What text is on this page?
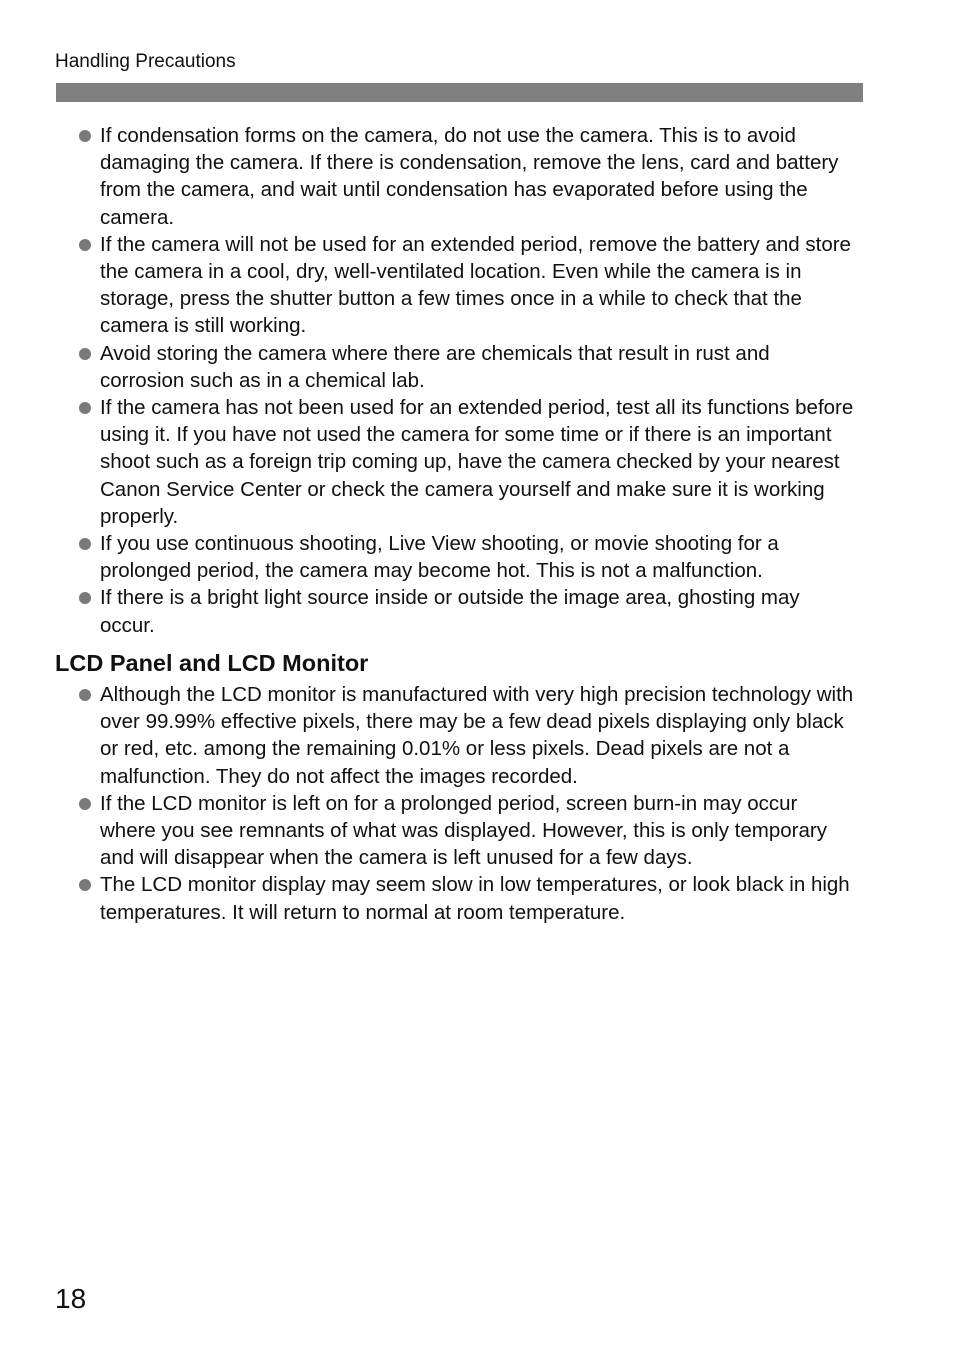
Handling Precautions
If condensation forms on the camera, do not use the camera. This is to avoid damaging the camera. If there is condensation, remove the lens, card and battery from the camera, and wait until condensation has evaporated before using the camera.
If the camera will not be used for an extended period, remove the battery and store the camera in a cool, dry, well-ventilated location. Even while the camera is in storage, press the shutter button a few times once in a while to check that the camera is still working.
Avoid storing the camera where there are chemicals that result in rust and corrosion such as in a chemical lab.
If the camera has not been used for an extended period, test all its functions before using it. If you have not used the camera for some time or if there is an important shoot such as a foreign trip coming up, have the camera checked by your nearest Canon Service Center or check the camera yourself and make sure it is working properly.
If you use continuous shooting, Live View shooting, or movie shooting for a prolonged period, the camera may become hot. This is not a malfunction.
If there is a bright light source inside or outside the image area, ghosting may occur.
LCD Panel and LCD Monitor
Although the LCD monitor is manufactured with very high precision technology with over 99.99% effective pixels, there may be a few dead pixels displaying only black or red, etc. among the remaining 0.01% or less pixels. Dead pixels are not a malfunction. They do not affect the images recorded.
If the LCD monitor is left on for a prolonged period, screen burn-in may occur where you see remnants of what was displayed. However, this is only temporary and will disappear when the camera is left unused for a few days.
The LCD monitor display may seem slow in low temperatures, or look black in high temperatures. It will return to normal at room temperature.
18
